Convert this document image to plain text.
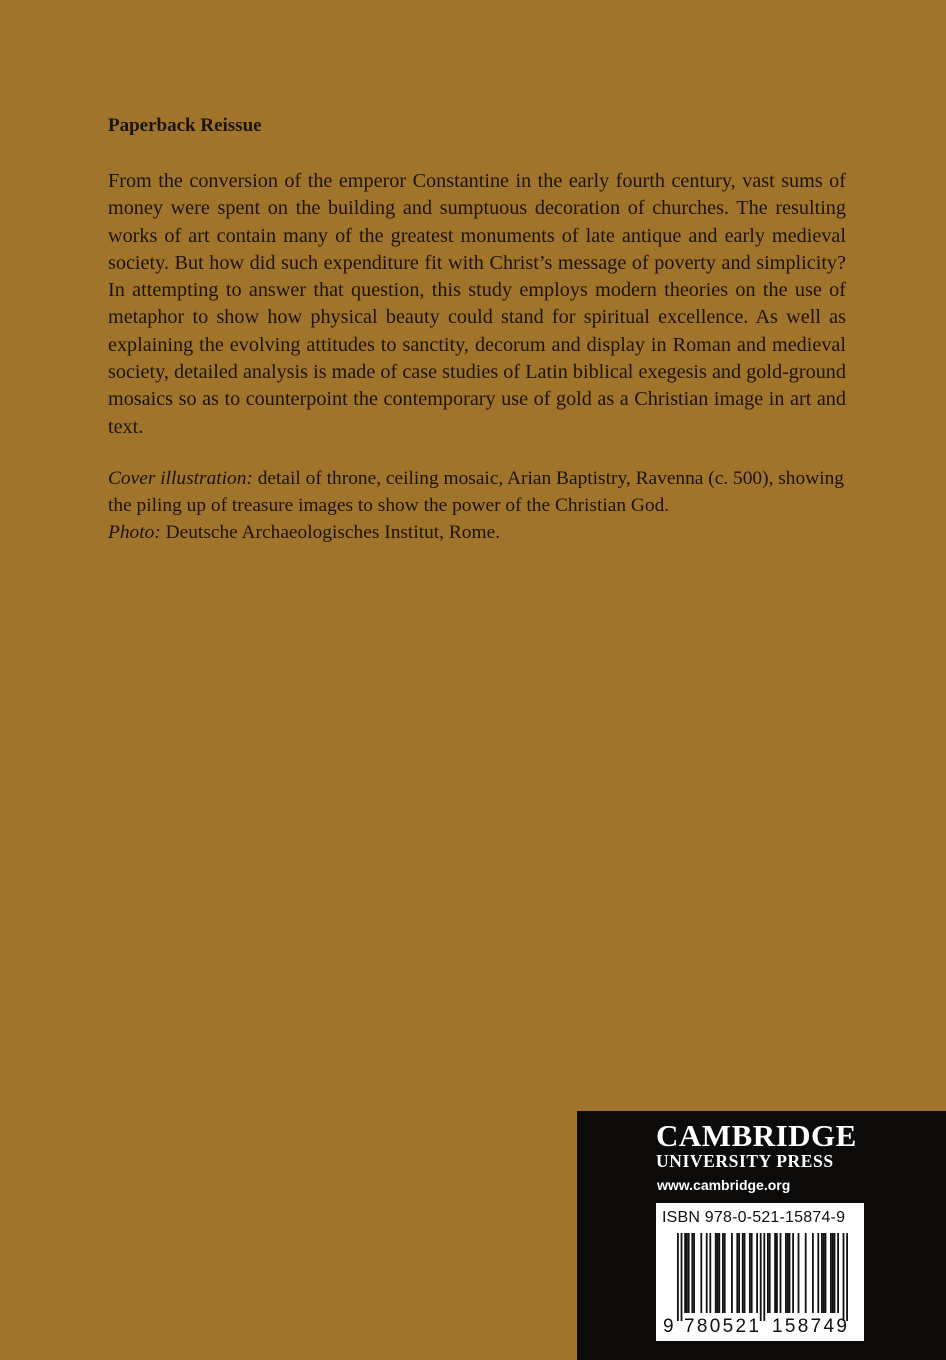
Paperback Reissue

From the conversion of the emperor Constantine in the early fourth century, vast sums of money were spent on the building and sumptuous decoration of churches. The resulting works of art contain many of the greatest monuments of late antique and early medieval society. But how did such expenditure fit with Christ’s message of poverty and simplicity? In attempting to answer that question, this study employs modern theories on the use of metaphor to show how physical beauty could stand for spiritual excellence. As well as explaining the evolving attitudes to sanctity, decorum and display in Roman and medieval society, detailed analysis is made of case studies of Latin biblical exegesis and gold-ground mosaics so as to counterpoint the contemporary use of gold as a Christian image in art and text.

Cover illustration: detail of throne, ceiling mosaic, Arian Baptistry, Ravenna (c. 500), showing the piling up of treasure images to show the power of the Christian God.

Photo: Deutsche Archaeologisches Institut, Rome.

CAMBRIDGE
UNIVERSITY PRESS
www.cambridge.org
ISBN 978-0-521-15874-9
9 780521 158749
